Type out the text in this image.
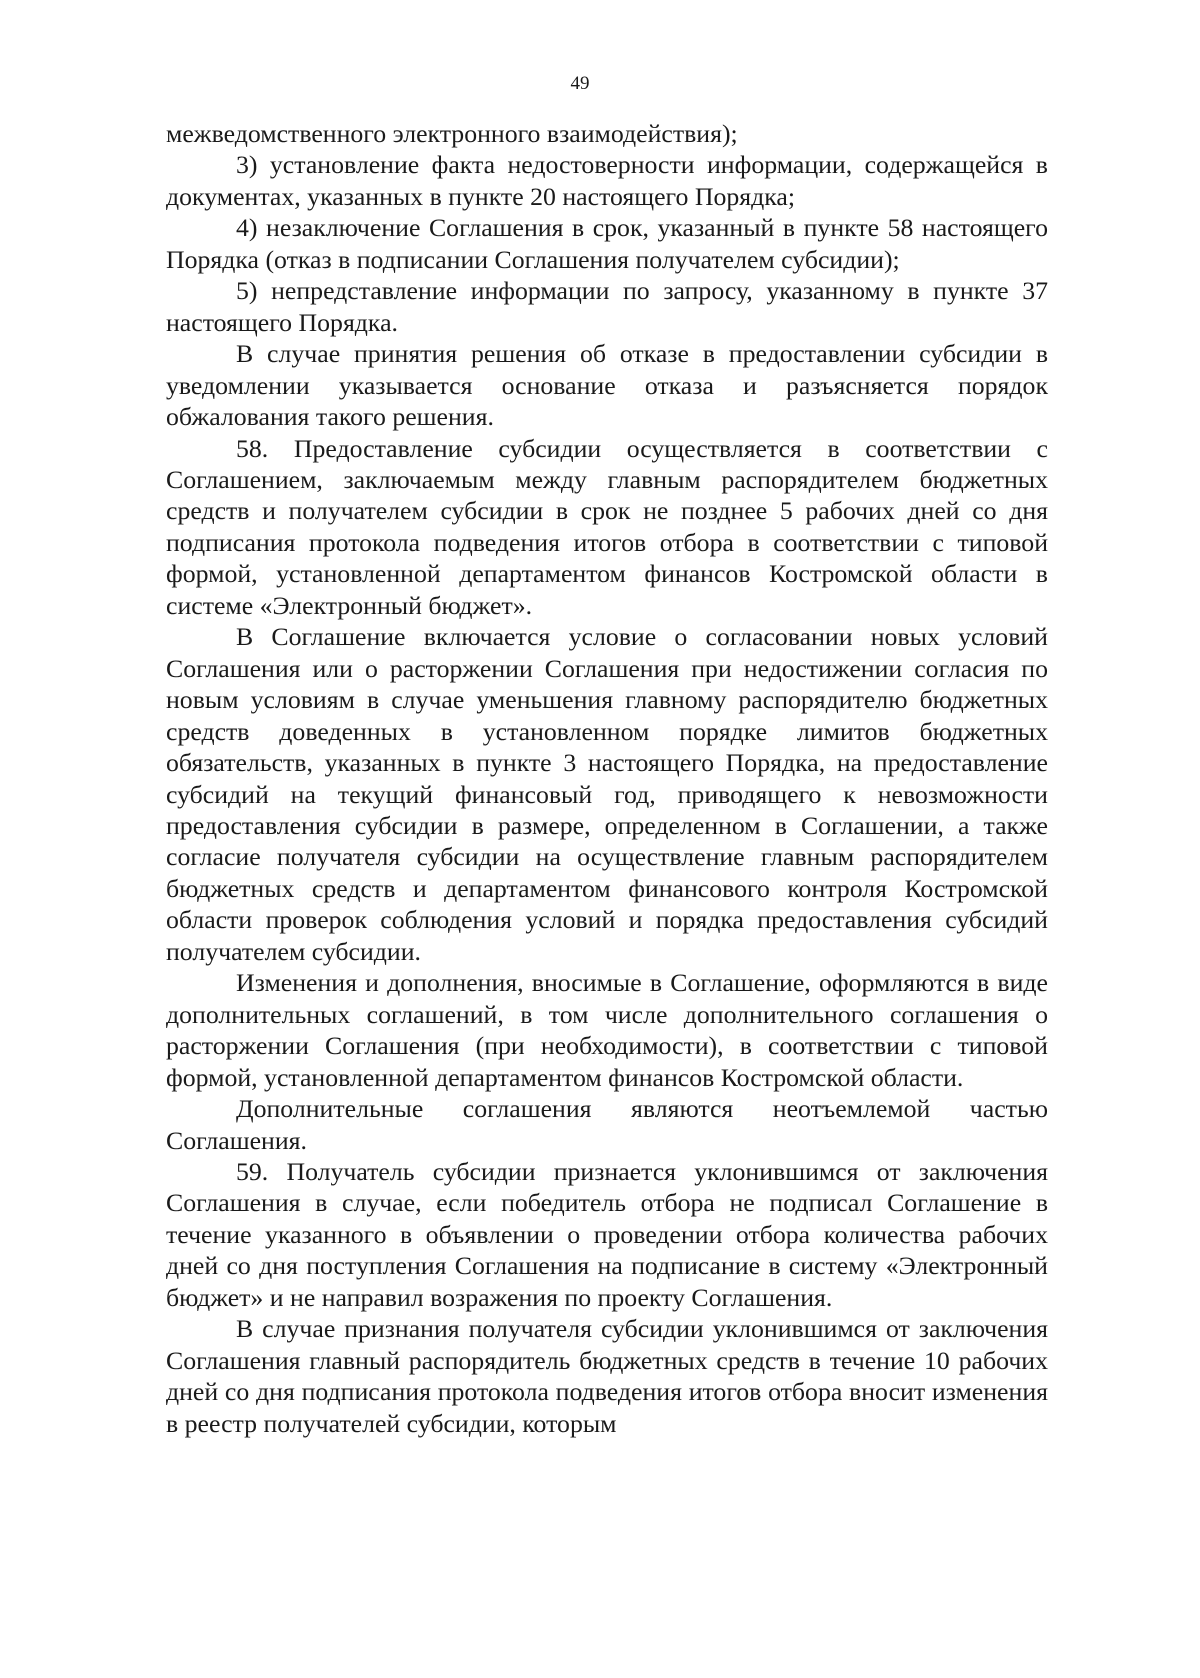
49

межведомственного электронного взаимодействия);

3) установление факта недостоверности информации, содержащейся в документах, указанных в пункте 20 настоящего Порядка;

4) незаключение Соглашения в срок, указанный в пункте 58 настоящего Порядка (отказ в подписании Соглашения получателем субсидии);

5) непредставление информации по запросу, указанному в пункте 37 настоящего Порядка.

В случае принятия решения об отказе в предоставлении субсидии в уведомлении указывается основание отказа и разъясняется порядок обжалования такого решения.

58. Предоставление субсидии осуществляется в соответствии с Соглашением, заключаемым между главным распорядителем бюджетных средств и получателем субсидии в срок не позднее 5 рабочих дней со дня подписания протокола подведения итогов отбора в соответствии с типовой формой, установленной департаментом финансов Костромской области в системе «Электронный бюджет».

В Соглашение включается условие о согласовании новых условий Соглашения или о расторжении Соглашения при недостижении согласия по новым условиям в случае уменьшения главному распорядителю бюджетных средств доведенных в установленном порядке лимитов бюджетных обязательств, указанных в пункте 3 настоящего Порядка, на предоставление субсидий на текущий финансовый год, приводящего к невозможности предоставления субсидии в размере, определенном в Соглашении, а также согласие получателя субсидии на осуществление главным распорядителем бюджетных средств и департаментом финансового контроля Костромской области проверок соблюдения условий и порядка предоставления субсидий получателем субсидии.

Изменения и дополнения, вносимые в Соглашение, оформляются в виде дополнительных соглашений, в том числе дополнительного соглашения о расторжении Соглашения (при необходимости), в соответствии с типовой формой, установленной департаментом финансов Костромской области.

Дополнительные соглашения являются неотъемлемой частью Соглашения.

59. Получатель субсидии признается уклонившимся от заключения Соглашения в случае, если победитель отбора не подписал Соглашение в течение указанного в объявлении о проведении отбора количества рабочих дней со дня поступления Соглашения на подписание в систему «Электронный бюджет» и не направил возражения по проекту Соглашения.

В случае признания получателя субсидии уклонившимся от заключения Соглашения главный распорядитель бюджетных средств в течение 10 рабочих дней со дня подписания протокола подведения итогов отбора вносит изменения в реестр получателей субсидии, которым
